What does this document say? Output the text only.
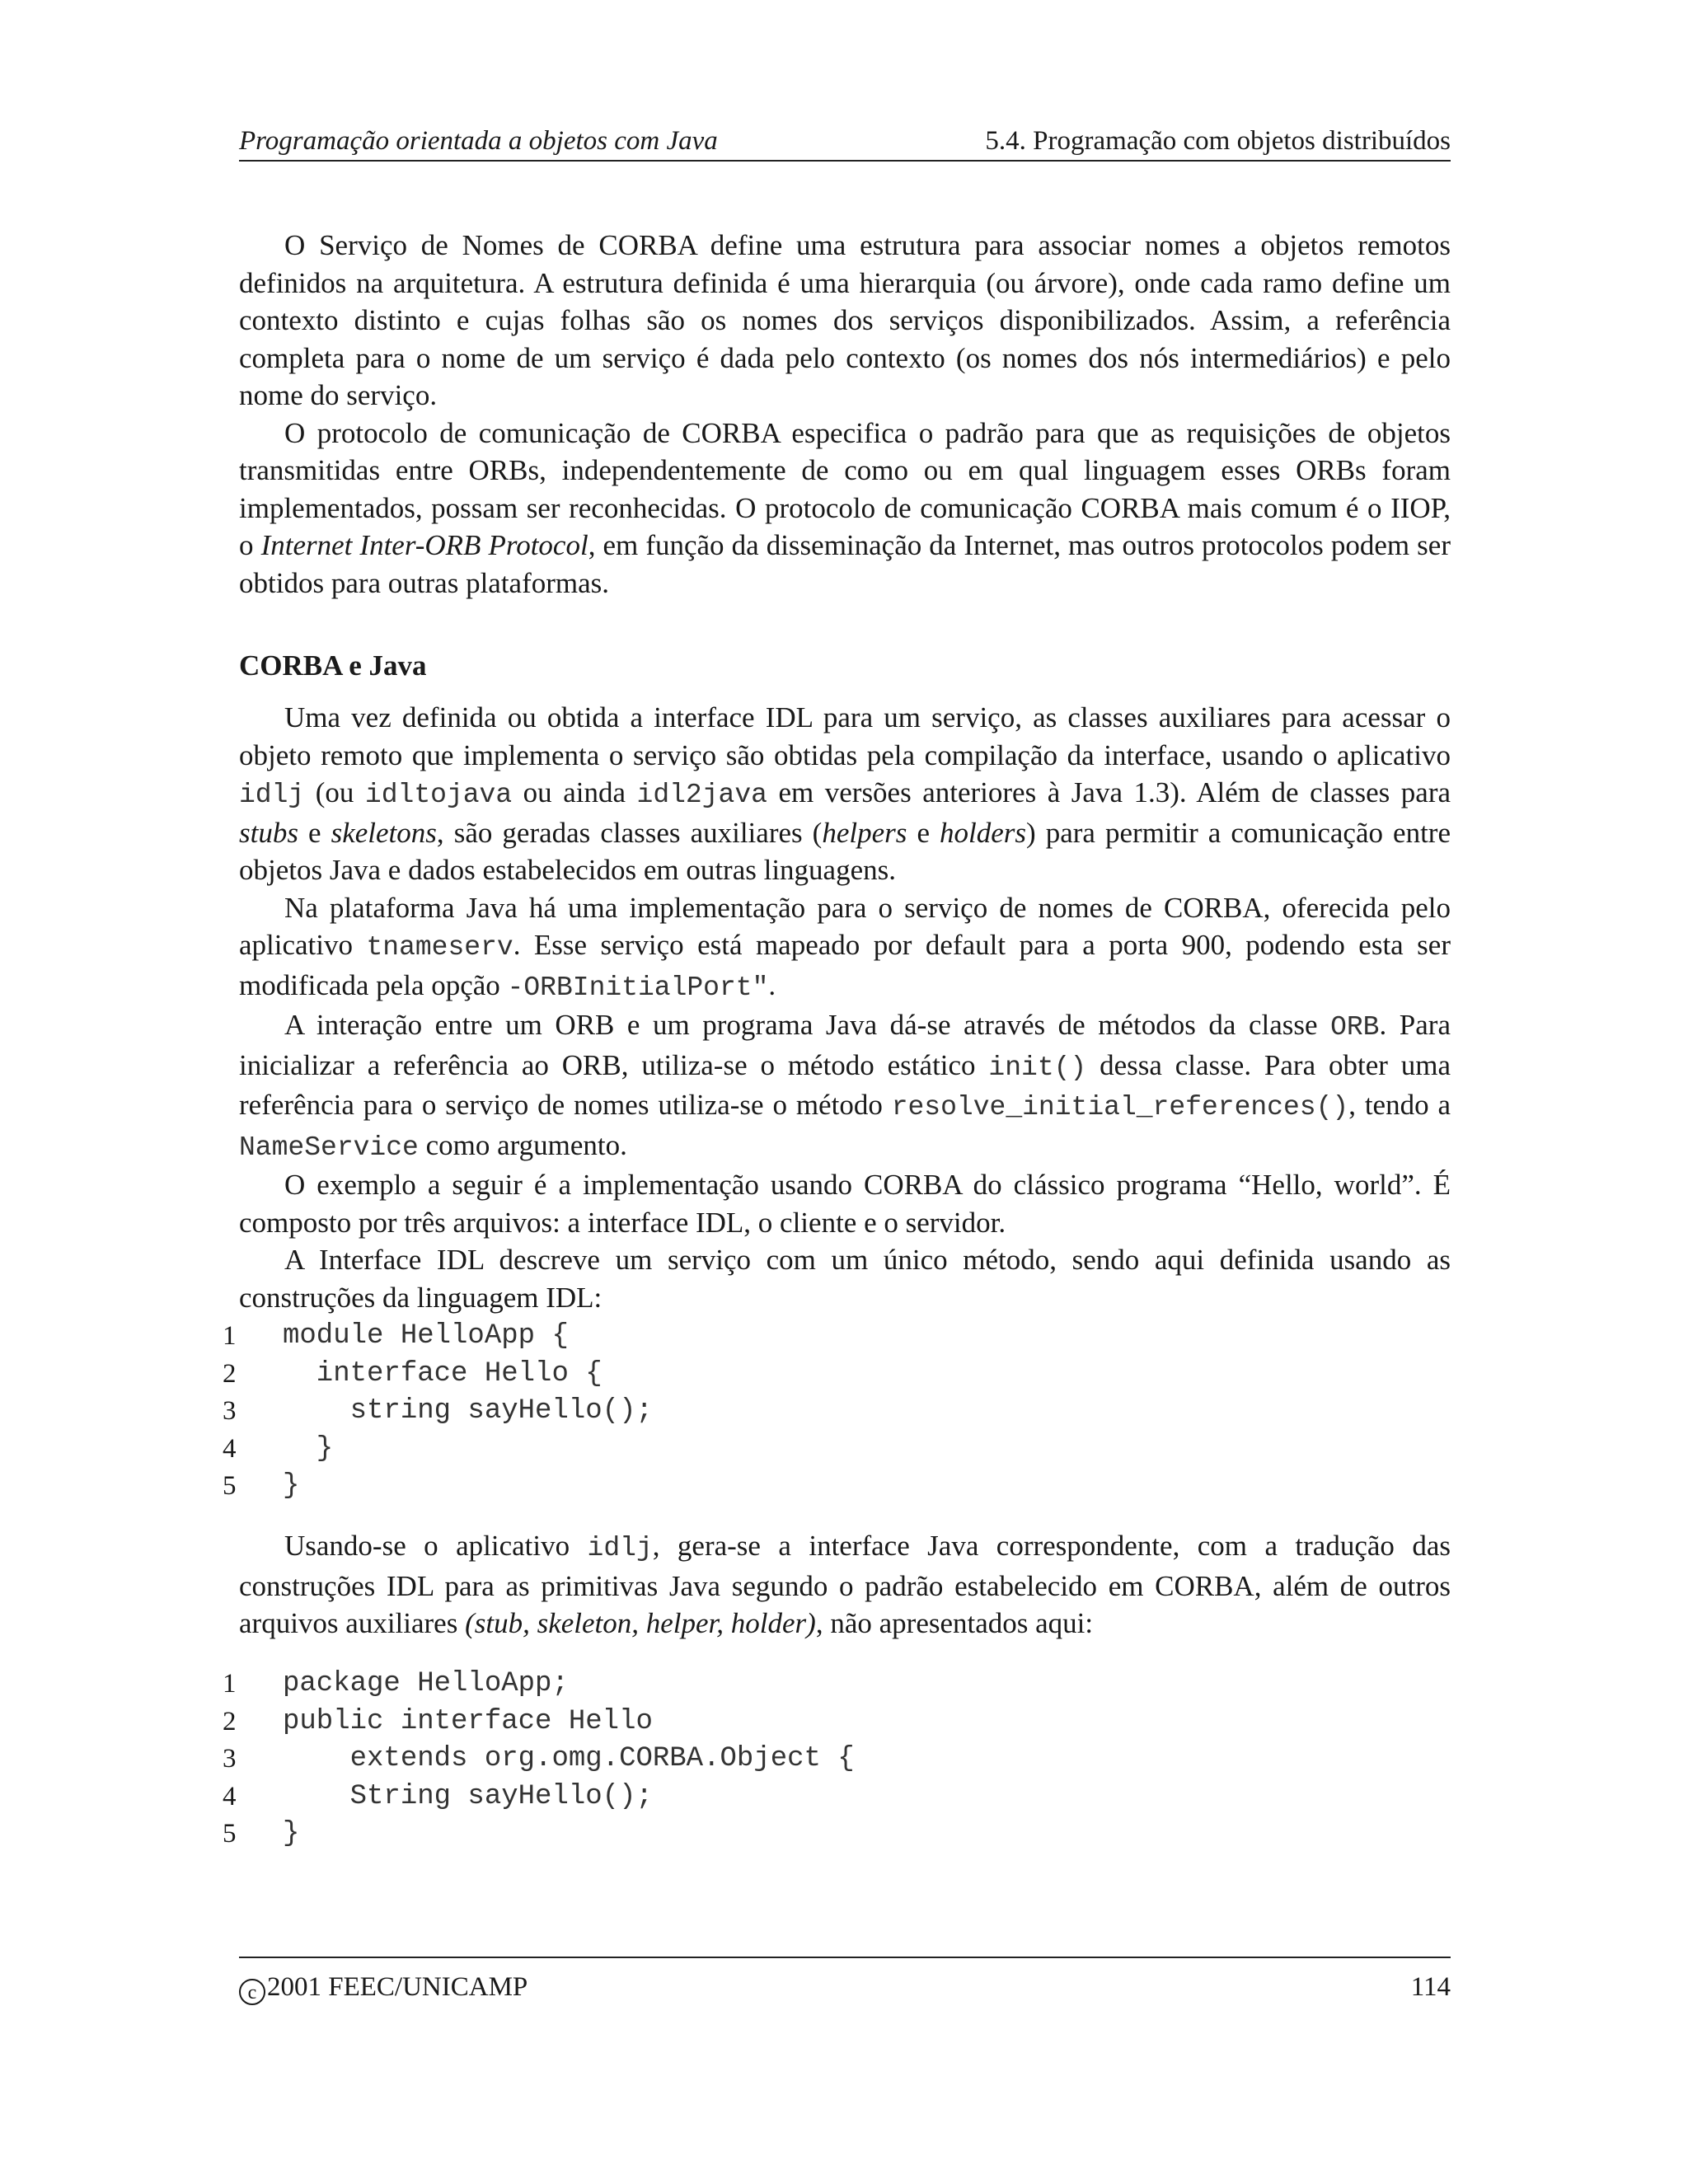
Programação orientada a objetos com Java	5.4. Programação com objetos distribuídos

O Serviço de Nomes de CORBA define uma estrutura para associar nomes a objetos remotos definidos na arquitetura. A estrutura definida é uma hierarquia (ou árvore), onde cada ramo define um contexto distinto e cujas folhas são os nomes dos serviços disponibilizados. Assim, a referência completa para o nome de um serviço é dada pelo contexto (os nomes dos nós intermediários) e pelo nome do serviço.

O protocolo de comunicação de CORBA especifica o padrão para que as requisições de objetos transmitidas entre ORBs, independentemente de como ou em qual linguagem esses ORBs foram implementados, possam ser reconhecidas. O protocolo de comunicação CORBA mais comum é o IIOP, o Internet Inter-ORB Protocol, em função da disseminação da Internet, mas outros protocolos podem ser obtidos para outras plataformas.

CORBA e Java

Uma vez definida ou obtida a interface IDL para um serviço, as classes auxiliares para acessar o objeto remoto que implementa o serviço são obtidas pela compilação da interface, usando o aplicativo idlj (ou idltojava ou ainda idl2java em versões anteriores à Java 1.3). Além de classes para stubs e skeletons, são geradas classes auxiliares (helpers e holders) para permitir a comunicação entre objetos Java e dados estabelecidos em outras linguagens.

Na plataforma Java há uma implementação para o serviço de nomes de CORBA, oferecida pelo aplicativo tnameserv. Esse serviço está mapeado por default para a porta 900, podendo esta ser modificada pela opção -ORBInitialPort".

A interação entre um ORB e um programa Java dá-se através de métodos da classe ORB. Para inicializar a referência ao ORB, utiliza-se o método estático init() dessa classe. Para obter uma referência para o serviço de nomes utiliza-se o método resolve_initial_references(), tendo a NameService como argumento.

O exemplo a seguir é a implementação usando CORBA do clássico programa “Hello, world”. É composto por três arquivos: a interface IDL, o cliente e o servidor.

A Interface IDL descreve um serviço com um único método, sendo aqui definida usando as construções da linguagem IDL:

1	module HelloApp {
2	interface Hello {
3	string sayHello();
4	}
5	}

Usando-se o aplicativo idlj, gera-se a interface Java correspondente, com a tradução das construções IDL para as primitivas Java segundo o padrão estabelecido em CORBA, além de outros arquivos auxiliares (stub, skeleton, helper, holder), não apresentados aqui:

1	package HelloApp;
2	public interface Hello
3	extends org.omg.CORBA.Object {
4	String sayHello();
5	}
c 2001 FEEC/UNICAMP	114
